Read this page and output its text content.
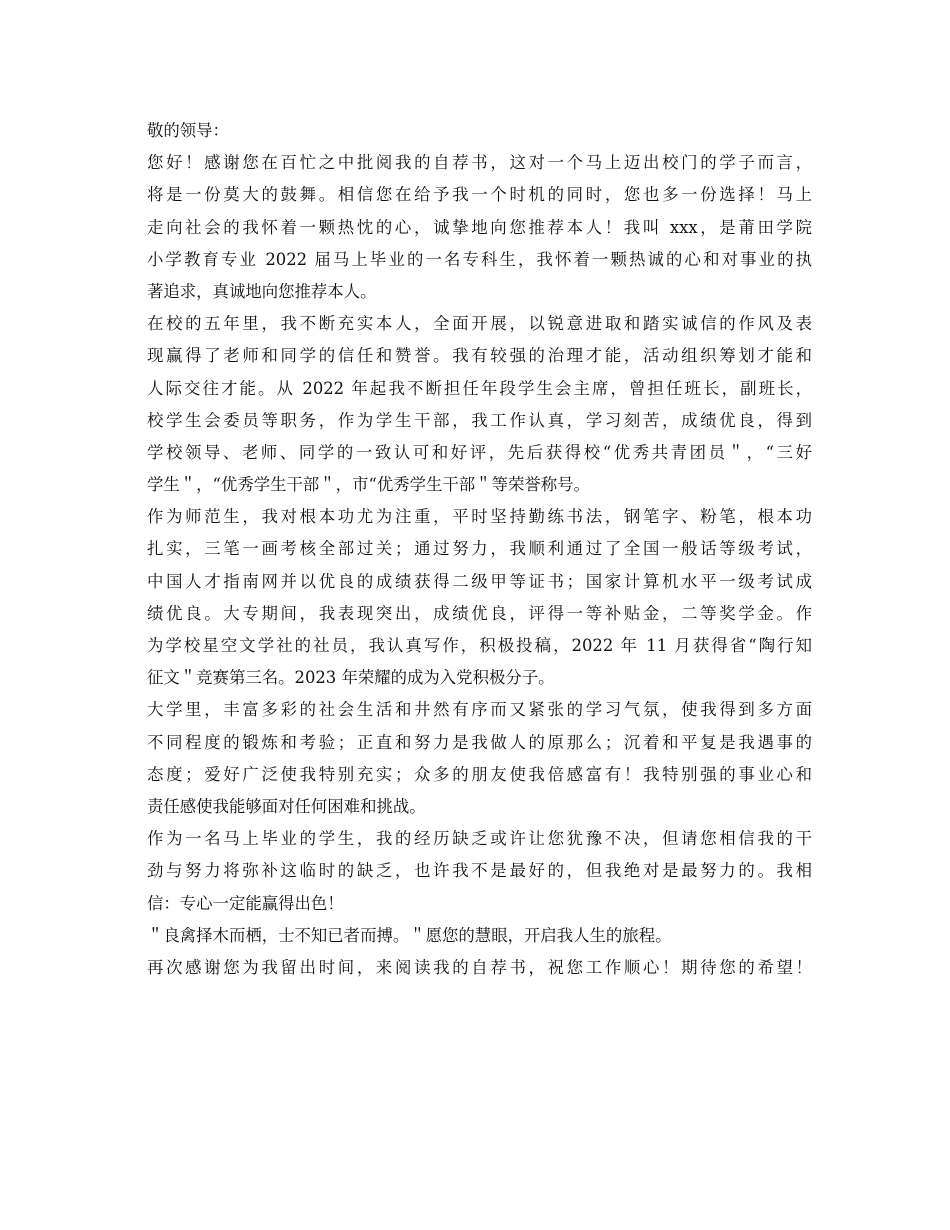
敬的领导：
您好！感谢您在百忙之中批阅我的自荐书，这对一个马上迈出校门的学子而言，
将是一份莫大的鼓舞。相信您在给予我一个时机的同时，您也多一份选择！马上
走向社会的我怀着一颗热忱的心，诚挚地向您推荐本人！我叫 xxx，是莆田学院
小学教育专业 2022 届马上毕业的一名专科生，我怀着一颗热诚的心和对事业的执
著追求，真诚地向您推荐本人。
在校的五年里，我不断充实本人，全面开展，以锐意进取和踏实诚信的作风及表
现赢得了老师和同学的信任和赞誉。我有较强的治理才能，活动组织筹划才能和
人际交往才能。从 2022 年起我不断担任年段学生会主席，曾担任班长，副班长，
校学生会委员等职务，作为学生干部，我工作认真，学习刻苦，成绩优良，得到
学校领导、老师、同学的一致认可和好评，先后获得校“优秀共青团员＂，“三好
学生＂，“优秀学生干部＂，市“优秀学生干部＂等荣誉称号。
作为师范生，我对根本功尤为注重，平时坚持勤练书法，钢笔字、粉笔，根本功
扎实，三笔一画考核全部过关；通过努力，我顺利通过了全国一般话等级考试，
中国人才指南网并以优良的成绩获得二级甲等证书；国家计算机水平一级考试成
绩优良。大专期间，我表现突出，成绩优良，评得一等补贴金，二等奖学金。作
为学校星空文学社的社员，我认真写作，积极投稿，2022 年 11 月获得省“陶行知
征文＂竞赛第三名。2023 年荣耀的成为入党积极分子。
大学里，丰富多彩的社会生活和井然有序而又紧张的学习气氛，使我得到多方面
不同程度的锻炼和考验；正直和努力是我做人的原那么；沉着和平复是我遇事的
态度；爱好广泛使我特别充实；众多的朋友使我倍感富有！我特别强的事业心和
责任感使我能够面对任何困难和挑战。
作为一名马上毕业的学生，我的经历缺乏或许让您犹豫不决，但请您相信我的干
劲与努力将弥补这临时的缺乏，也许我不是最好的，但我绝对是最努力的。我相
信：专心一定能赢得出色！
＂良禽择木而栖，士不知已者而搏。＂愿您的慧眼，开启我人生的旅程。
再次感谢您为我留出时间，来阅读我的自荐书，祝您工作顺心！期待您的希望！
